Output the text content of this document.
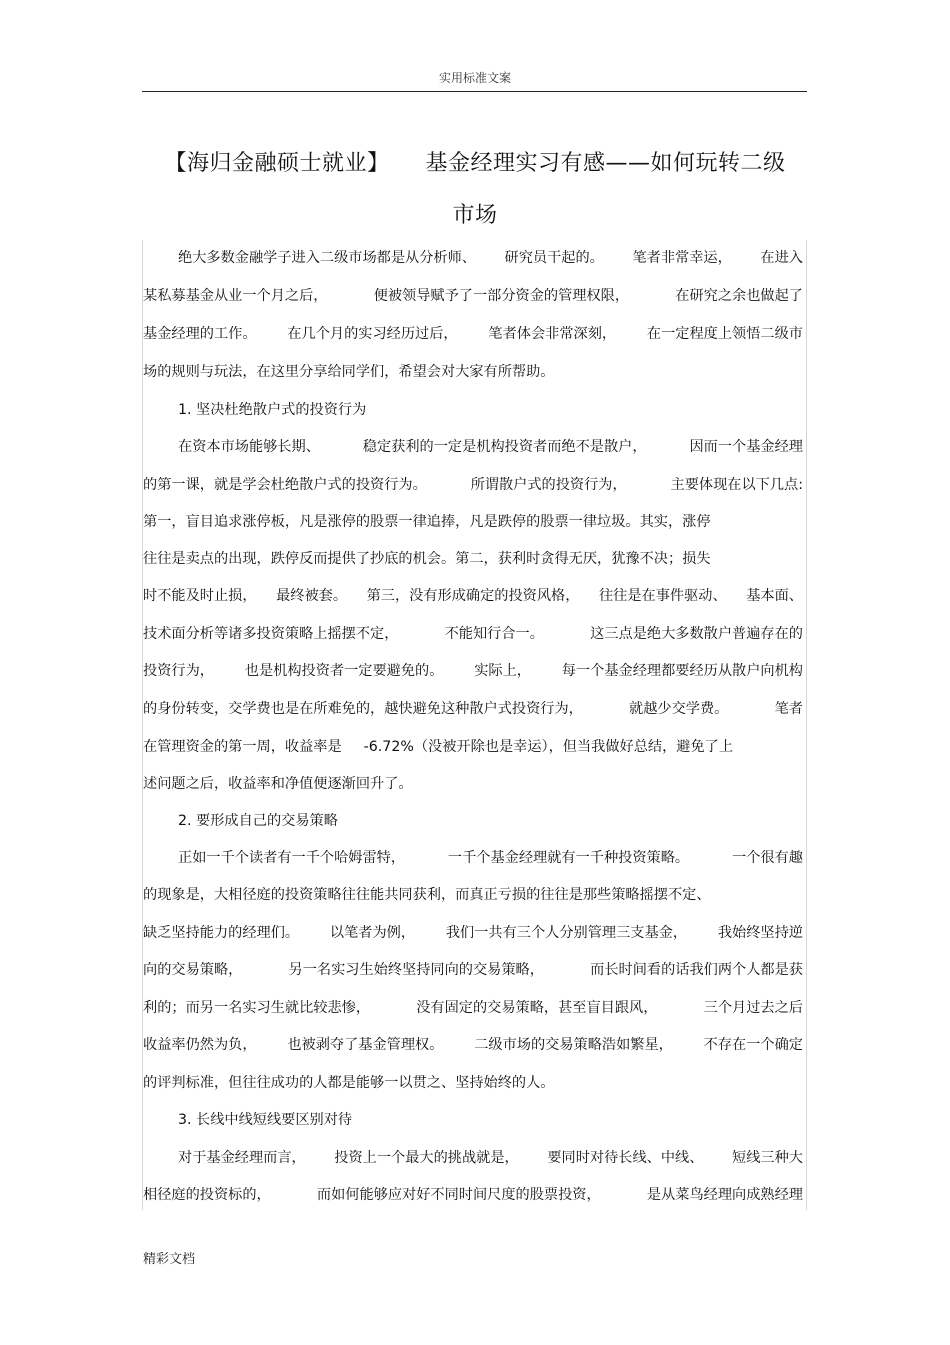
实用标准文案
【海归金融硕士就业】 基金经理实习有感——如何玩转二级
市场
绝大多数金融学子进入二级市场都是从分析师、 研究员干起的。 笔者非常幸运， 在进入
某私募基金从业一个月之后，	便被领导赋予了一部分资金的管理权限，	在研究之余也做起了
基金经理的工作。 在几个月的实习经历过后， 笔者体会非常深刻， 在一定程度上领悟二级市
场的规则与玩法，在这里分享给同学们，希望会对大家有所帮助。
1. 坚决杜绝散户式的投资行为
在资本市场能够长期、	稳定获利的一定是机构投资者而绝不是散户，	因而一个基金经理
的第一课，就是学会杜绝散户式的投资行为。	所谓散户式的投资行为，	主要体现在以下几点:
第一，盲目追求涨停板，凡是涨停的股票一律追捧，凡是跌停的股票一律垃圾。其实，涨停
往往是卖点的出现，跌停反而提供了抄底的机会。第二，获利时贪得无厌，犹豫不决；损失
时不能及时止损， 最终被套。 第三，没有形成确定的投资风格， 往往是在事件驱动、 基本面、
技术面分析等诸多投资策略上摇摆不定，	不能知行合一。	这三点是绝大多数散户普遍存在的
投资行为， 也是机构投资者一定要避免的。 实际上， 每一个基金经理都要经历从散户向机构
的身份转变，交学费也是在所难免的，越快避免这种散户式投资行为，	就越少交学费。	笔者
在管理资金的第一周，收益率是 -6.72%（没被开除也是幸运），但当我做好总结，避免了上
述问题之后，收益率和净值便逐渐回升了。
2. 要形成自己的交易策略
正如一千个读者有一千个哈姆雷特，	一千个基金经理就有一千种投资策略。	一个很有趣
的现象是，大相径庭的投资策略往往能共同获利，而真正亏损的往往是那些策略摇摆不定、
缺乏坚持能力的经理们。 以笔者为例， 我们一共有三个人分别管理三支基金， 我始终坚持逆
向的交易策略，	另一名实习生始终坚持同向的交易策略，	而长时间看的话我们两个人都是获
利的；而另一名实习生就比较悲惨，	没有固定的交易策略，甚至盲目跟风，	三个月过去之后
收益率仍然为负， 也被剥夺了基金管理权。 二级市场的交易策略浩如繁星， 不存在一个确定
的评判标准，但往往成功的人都是能够一以贯之、坚持始终的人。
3. 长线中线短线要区别对待
对于基金经理而言， 投资上一个最大的挑战就是， 要同时对待长线、中线、 短线三种大
相径庭的投资标的，	而如何能够应对好不同时间尺度的股票投资，	是从菜鸟经理向成熟经理
精彩文档
